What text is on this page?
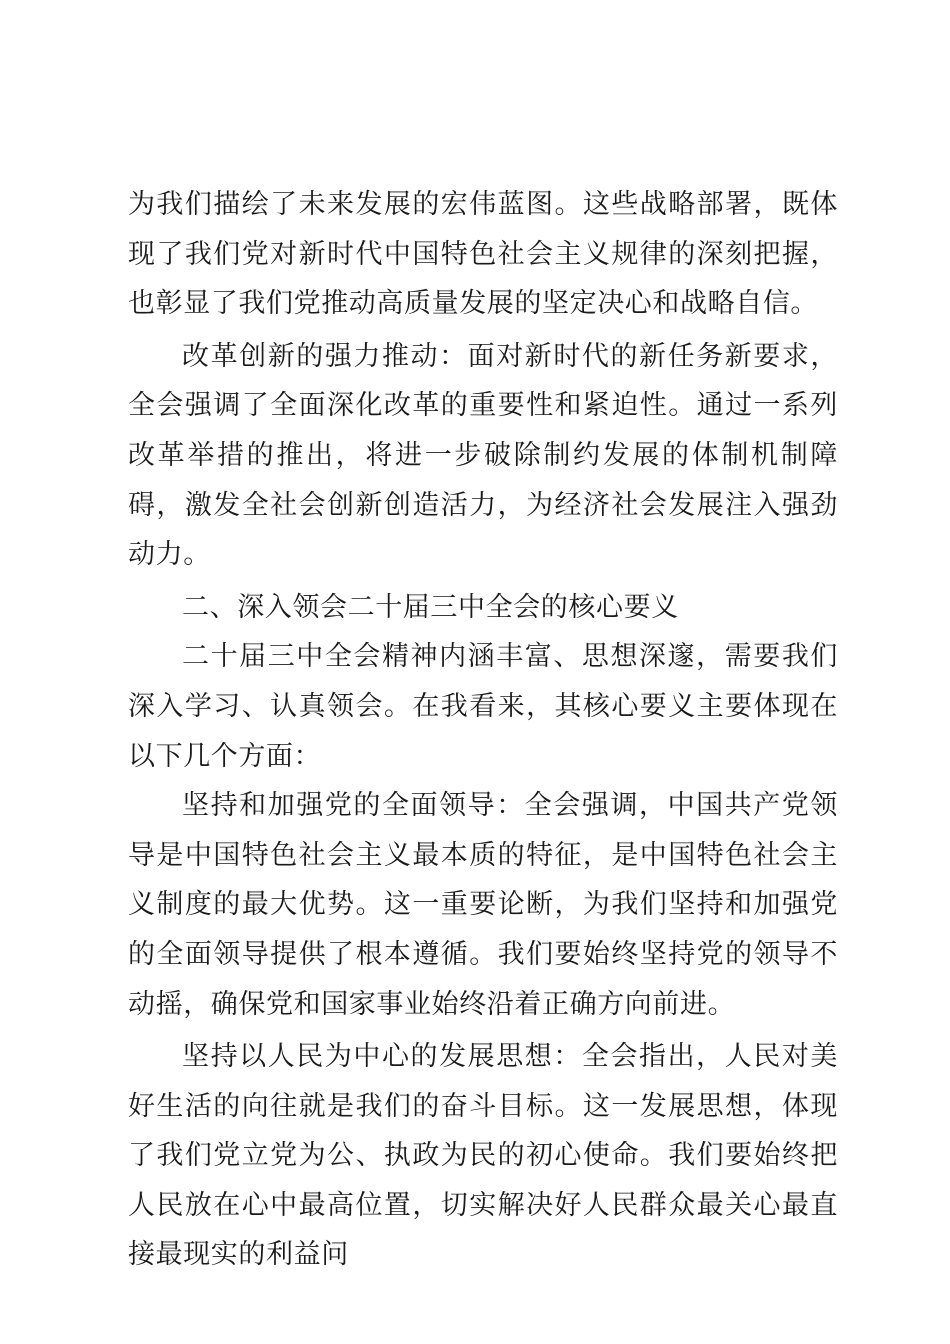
为我们描绘了未来发展的宏伟蓝图。这些战略部署，既体现了我们党对新时代中国特色社会主义规律的深刻把握，也彰显了我们党推动高质量发展的坚定决心和战略自信。

改革创新的强力推动：面对新时代的新任务新要求，全会强调了全面深化改革的重要性和紧迫性。通过一系列改革举措的推出，将进一步破除制约发展的体制机制障碍，激发全社会创新创造活力，为经济社会发展注入强劲动力。

二、深入领会二十届三中全会的核心要义

二十届三中全会精神内涵丰富、思想深邃，需要我们深入学习、认真领会。在我看来，其核心要义主要体现在以下几个方面：

坚持和加强党的全面领导：全会强调，中国共产党领导是中国特色社会主义最本质的特征，是中国特色社会主义制度的最大优势。这一重要论断，为我们坚持和加强党的全面领导提供了根本遵循。我们要始终坚持党的领导不动摇，确保党和国家事业始终沿着正确方向前进。

坚持以人民为中心的发展思想：全会指出，人民对美好生活的向往就是我们的奋斗目标。这一发展思想，体现了我们党立党为公、执政为民的初心使命。我们要始终把人民放在心中最高位置，切实解决好人民群众最关心最直接最现实的利益问
